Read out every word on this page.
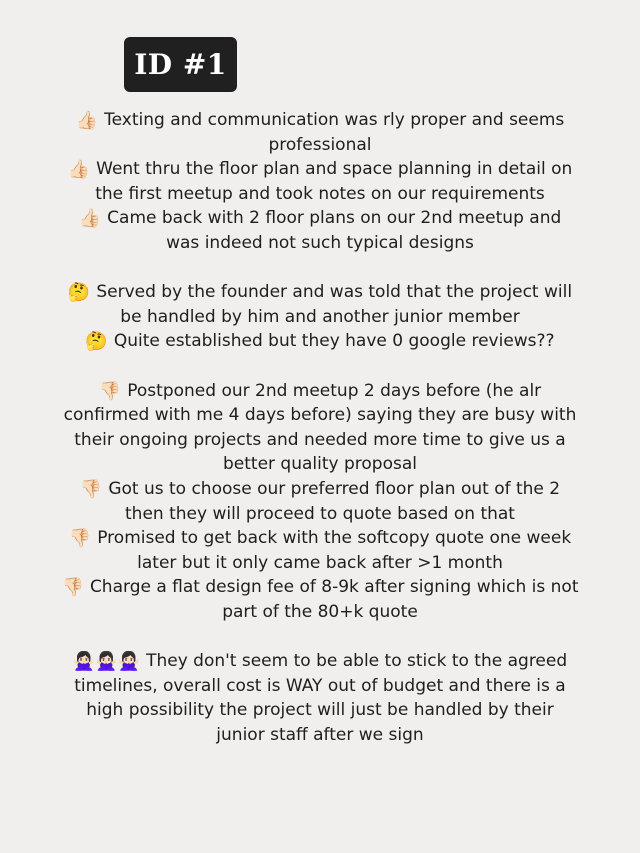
ID #1

👍🏻 Texting and communication was rly proper and seems professional

👍🏻 Went thru the floor plan and space planning in detail on the first meetup and took notes on our requirements

👍🏻 Came back with 2 floor plans on our 2nd meetup and was indeed not such typical designs

🤔 Served by the founder and was told that the project will be handled by him and another junior member

🤔 Quite established but they have 0 google reviews??

👎🏻 Postponed our 2nd meetup 2 days before (he alr confirmed with me 4 days before) saying they are busy with their ongoing projects and needed more time to give us a better quality proposal

👎🏻 Got us to choose our preferred floor plan out of the 2 then they will proceed to quote based on that

👎🏻 Promised to get back with the softcopy quote one week later but it only came back after >1 month

👎🏻 Charge a flat design fee of 8-9k after signing which is not part of the 80+k quote

🙅🏻‍♀️🙅🏻‍♀️🙅🏻‍♀️ They don't seem to be able to stick to the agreed timelines, overall cost is WAY out of budget and there is a high possibility the project will just be handled by their junior staff after we sign
